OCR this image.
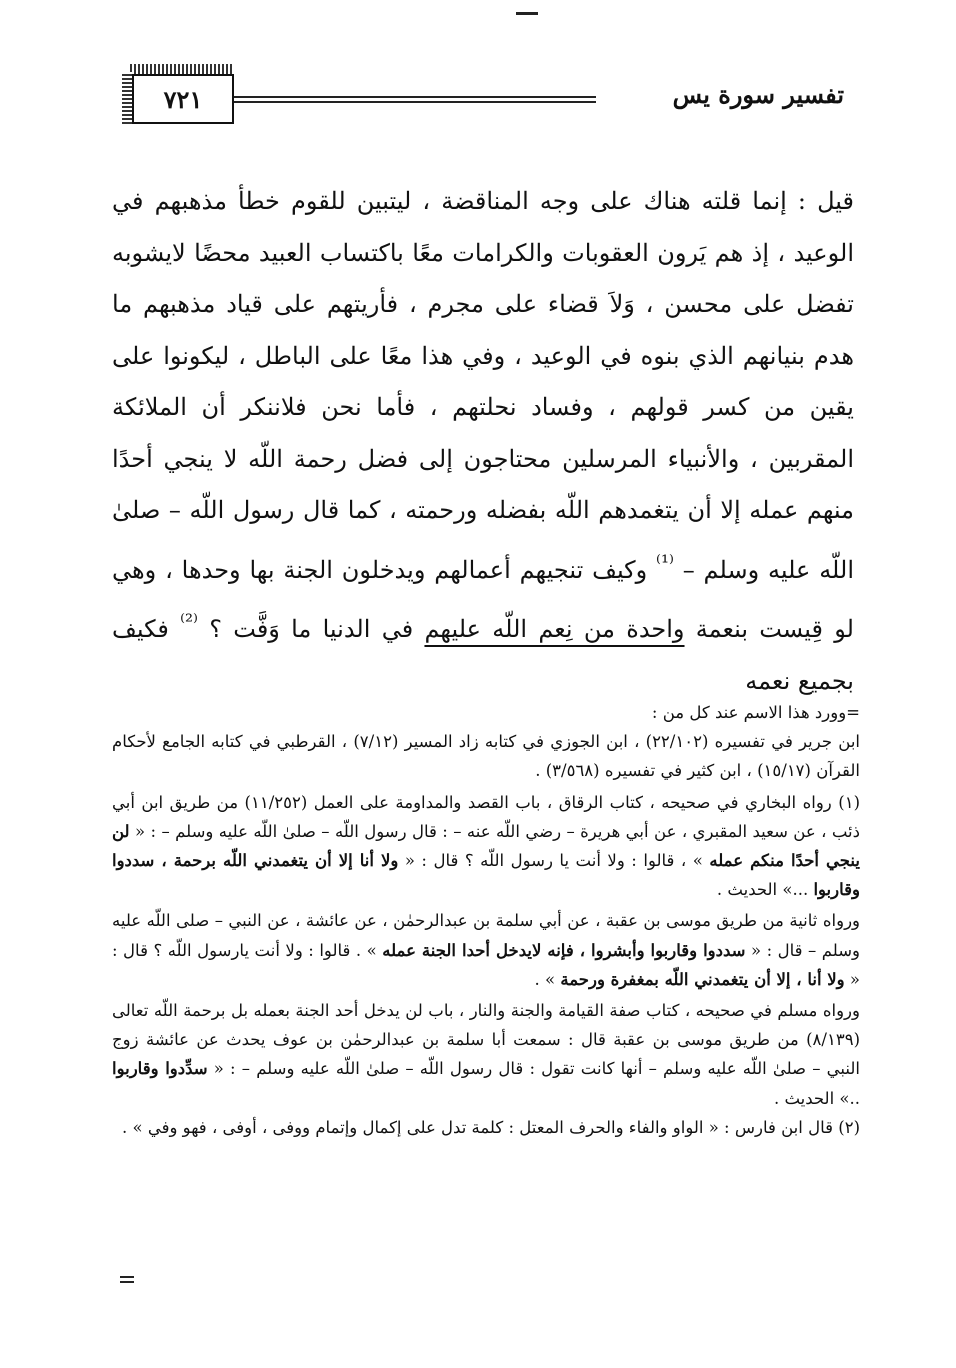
تفسير سورة يس
٧٢١

قيل : إنما قلته هناك على وجه المناقضة ، ليتبين للقوم خطأ مذهبهم في الوعيد ، إذ هم يَرون العقوبات والكرامات معًا باكتساب العبيد محضًا لايشوبه تفضل على محسن ، وَلاَ قضاء على مجرم ، فأريتهم على قياد مذهبهم ما هدم بنيانهم الذي بنوه في الوعيد ، وفي هذا معًا على الباطل ، ليكونوا على يقين من كسر قولهم ، وفساد نحلتهم ، فأما نحن فلاننكر أن الملائكة المقربين ، والأنبياء المرسلين محتاجون إلى فضل رحمة اللّه لا ينجي أحدًا منهم عمله إلا أن يتغمدهم اللّه بفضله ورحمته ، كما قال رسول اللّه – صلىٰ اللّه عليه وسلم – $^{^{(1)}}$ وكيف تنجيهم أعمالهم ويدخلون الجنة بها وحدها ، وهي لو قِيست بنعمة واحدة من نِعم اللّه عليهم في الدنيا ما وَفَّت ؟ $^{^{(2)}}$ فكيف بجميع نعمه

=وورد هذا الاسم عند كل من :

ابن جرير في تفسيره (٢٢/١٠٢) ، ابن الجوزي في كتابه زاد المسير (٧/١٢) ، القرطبي في كتابه الجامع لأحكام القرآن (١٥/١٧) ، ابن كثير في تفسيره (٣/٥٦٨) .

(١) رواه البخاري في صحيحه ، كتاب الرقاق ، باب القصد والمداومة على العمل (١١/٢٥٢) من طريق ابن أبي ذئب ، عن سعيد المقبري ، عن أبي هريرة – رضي اللّه عنه – : قال رسول اللّه – صلىٰ اللّه عليه وسلم – : « لن ينجي أحدًا منكم عمله » ، قالوا : ولا أنت يا رسول اللّه ؟ قال : « ولا أنا إلا أن يتغمدني اللّه برحمة ، سددوا وقاربوا ...» الحديث .

ورواه ثانية من طريق موسى بن عقبة ، عن أبي سلمة بن عبدالرحمٰن ، عن عائشة ، عن النبي – صلى اللّه عليه وسلم – قال : « سددوا وقاربوا وأبشروا ، فإنه لايدخل أحدا الجنة عمله » . قالوا : ولا أنت يارسول اللّه ؟ قال : « ولا أنا ، إلا أن يتغمدني اللّه بمغفرة ورحمة » .

ورواه مسلم في صحيحه ، كتاب صفة القيامة والجنة والنار ، باب لن يدخل أحد الجنة بعمله بل برحمة اللّه تعالى (٨/١٣٩) من طريق موسى بن عقبة قال : سمعت أبا سلمة بن عبدالرحمٰن بن عوف يحدث عن عائشة زوج النبي – صلىٰ اللّه عليه وسلم – أنها كانت تقول : قال رسول اللّه – صلىٰ اللّه عليه وسلم – : « سدِّدوا وقاربوا ..» الحديث .

(٢) قال ابن فارس : « الواو والفاء والحرف المعتل : كلمة تدل على إكمال وإتمام ووفى ، أوفى ، فهو وفي » .
